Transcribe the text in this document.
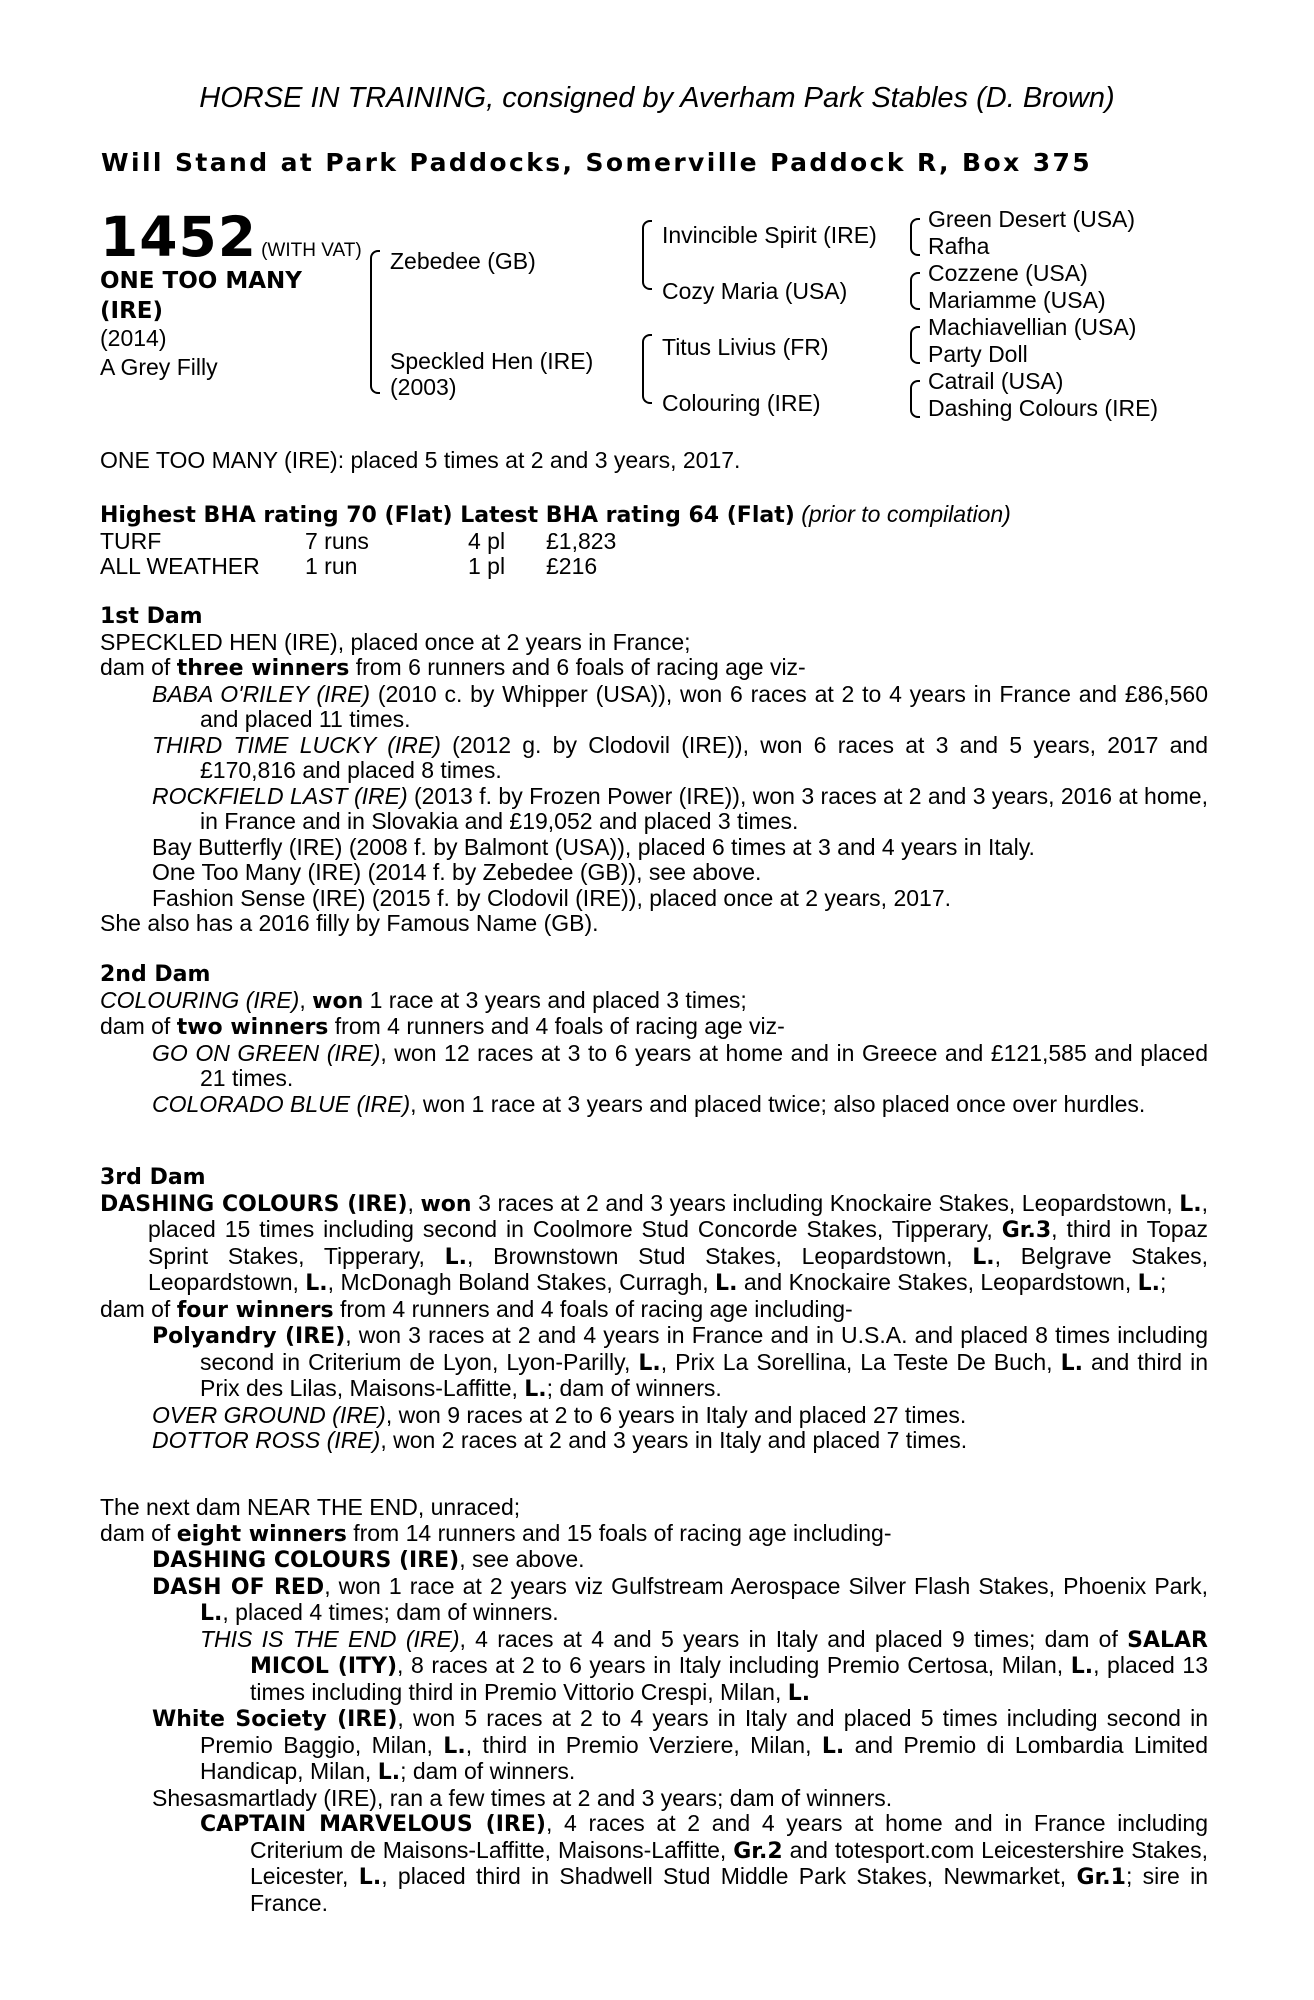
HORSE IN TRAINING, consigned by Averham Park Stables (D. Brown)
Will Stand at Park Paddocks, Somerville Paddock R, Box 375
1452 (WITH VAT)
ONE TOO MANY
(IRE)
(2014)
A Grey Filly
Zebedee (GB)
Speckled Hen (IRE)
(2003)
Invincible Spirit (IRE)
Cozy Maria (USA)
Titus Livius (FR)
Colouring (IRE)
Green Desert (USA)
Rafha
Cozzene (USA)
Mariamme (USA)
Machiavellian (USA)
Party Doll
Catrail (USA)
Dashing Colours (IRE)
ONE TOO MANY (IRE): placed 5 times at 2 and 3 years, 2017.

Highest BHA rating 70 (Flat) Latest BHA rating 64 (Flat) (prior to compilation)

TURF	7 runs	4 pl	£1,823
ALL WEATHER	1 run	1 pl	£216

1st Dam

SPECKLED HEN (IRE), placed once at 2 years in France;

dam of three winners from 6 runners and 6 foals of racing age viz-

BABA O'RILEY (IRE) (2010 c. by Whipper (USA)), won 6 races at 2 to 4 years in France and £86,560 and placed 11 times.

THIRD TIME LUCKY (IRE) (2012 g. by Clodovil (IRE)), won 6 races at 3 and 5 years, 2017 and £170,816 and placed 8 times.

ROCKFIELD LAST (IRE) (2013 f. by Frozen Power (IRE)), won 3 races at 2 and 3 years, 2016 at home, in France and in Slovakia and £19,052 and placed 3 times.

Bay Butterfly (IRE) (2008 f. by Balmont (USA)), placed 6 times at 3 and 4 years in Italy.

One Too Many (IRE) (2014 f. by Zebedee (GB)), see above.

Fashion Sense (IRE) (2015 f. by Clodovil (IRE)), placed once at 2 years, 2017.

She also has a 2016 filly by Famous Name (GB).

2nd Dam

COLOURING (IRE), won 1 race at 3 years and placed 3 times;

dam of two winners from 4 runners and 4 foals of racing age viz-

GO ON GREEN (IRE), won 12 races at 3 to 6 years at home and in Greece and £121,585 and placed 21 times.

COLORADO BLUE (IRE), won 1 race at 3 years and placed twice; also placed once over hurdles.

3rd Dam

DASHING COLOURS (IRE), won 3 races at 2 and 3 years including Knockaire Stakes, Leopardstown, L., placed 15 times including second in Coolmore Stud Concorde Stakes, Tipperary, Gr.3, third in Topaz Sprint Stakes, Tipperary, L., Brownstown Stud Stakes, Leopardstown, L., Belgrave Stakes, Leopardstown, L., McDonagh Boland Stakes, Curragh, L. and Knockaire Stakes, Leopardstown, L.;

dam of four winners from 4 runners and 4 foals of racing age including-

Polyandry (IRE), won 3 races at 2 and 4 years in France and in U.S.A. and placed 8 times including second in Criterium de Lyon, Lyon-Parilly, L., Prix La Sorellina, La Teste De Buch, L. and third in Prix des Lilas, Maisons-Laffitte, L.; dam of winners.

OVER GROUND (IRE), won 9 races at 2 to 6 years in Italy and placed 27 times.

DOTTOR ROSS (IRE), won 2 races at 2 and 3 years in Italy and placed 7 times.

The next dam NEAR THE END, unraced;

dam of eight winners from 14 runners and 15 foals of racing age including-

DASHING COLOURS (IRE), see above.

DASH OF RED, won 1 race at 2 years viz Gulfstream Aerospace Silver Flash Stakes, Phoenix Park, L., placed 4 times; dam of winners.

THIS IS THE END (IRE), 4 races at 4 and 5 years in Italy and placed 9 times; dam of SALAR MICOL (ITY), 8 races at 2 to 6 years in Italy including Premio Certosa, Milan, L., placed 13 times including third in Premio Vittorio Crespi, Milan, L.

White Society (IRE), won 5 races at 2 to 4 years in Italy and placed 5 times including second in Premio Baggio, Milan, L., third in Premio Verziere, Milan, L. and Premio di Lombardia Limited Handicap, Milan, L.; dam of winners.

Shesasmartlady (IRE), ran a few times at 2 and 3 years; dam of winners.

CAPTAIN MARVELOUS (IRE), 4 races at 2 and 4 years at home and in France including Criterium de Maisons-Laffitte, Maisons-Laffitte, Gr.2 and totesport.com Leicestershire Stakes, Leicester, L., placed third in Shadwell Stud Middle Park Stakes, Newmarket, Gr.1; sire in France.
